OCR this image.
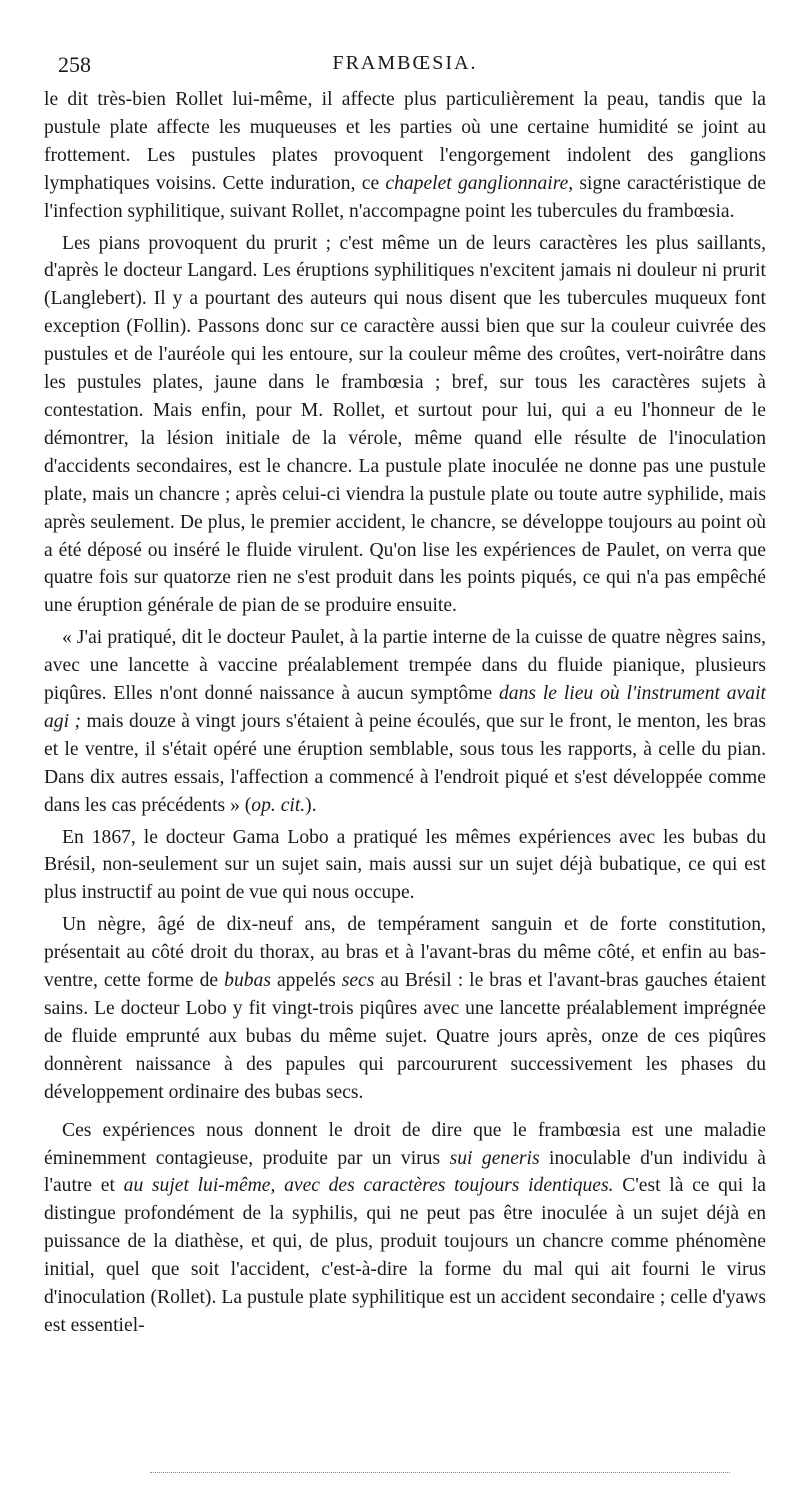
258	FRAMBŒSIA.

le dit très-bien Rollet lui-même, il affecte plus particulièrement la peau, tandis que la pustule plate affecte les muqueuses et les parties où une certaine humidité se joint au frottement. Les pustules plates provoquent l'engorgement indolent des ganglions lymphatiques voisins. Cette induration, ce chapelet ganglionnaire, signe caractéristique de l'infection syphilitique, suivant Rollet, n'accompagne point les tubercules du frambœsia.

Les pians provoquent du prurit ; c'est même un de leurs caractères les plus saillants, d'après le docteur Langard. Les éruptions syphilitiques n'excitent jamais ni douleur ni prurit (Langlebert). Il y a pourtant des auteurs qui nous disent que les tubercules muqueux font exception (Follin). Passons donc sur ce caractère aussi bien que sur la couleur cuivrée des pustules et de l'auréole qui les entoure, sur la couleur même des croûtes, vert-noirâtre dans les pustules plates, jaune dans le frambœsia ; bref, sur tous les caractères sujets à contestation. Mais enfin, pour M. Rollet, et surtout pour lui, qui a eu l'honneur de le démontrer, la lésion initiale de la vérole, même quand elle résulte de l'inoculation d'accidents secondaires, est le chancre. La pustule plate inoculée ne donne pas une pustule plate, mais un chancre ; après celui-ci viendra la pustule plate ou toute autre syphilide, mais après seulement. De plus, le premier accident, le chancre, se développe toujours au point où a été déposé ou inséré le fluide virulent. Qu'on lise les expériences de Paulet, on verra que quatre fois sur quatorze rien ne s'est produit dans les points piqués, ce qui n'a pas empêché une éruption générale de pian de se produire ensuite.

« J'ai pratiqué, dit le docteur Paulet, à la partie interne de la cuisse de quatre nègres sains, avec une lancette à vaccine préalablement trempée dans du fluide pianique, plusieurs piqûres. Elles n'ont donné naissance à aucun symptôme dans le lieu où l'instrument avait agi ; mais douze à vingt jours s'étaient à peine écoulés, que sur le front, le menton, les bras et le ventre, il s'était opéré une éruption semblable, sous tous les rapports, à celle du pian. Dans dix autres essais, l'affection a commencé à l'endroit piqué et s'est développée comme dans les cas précédents » (op. cit.).

En 1867, le docteur Gama Lobo a pratiqué les mêmes expériences avec les bubas du Brésil, non-seulement sur un sujet sain, mais aussi sur un sujet déjà bubatique, ce qui est plus instructif au point de vue qui nous occupe.

Un nègre, âgé de dix-neuf ans, de tempérament sanguin et de forte constitution, présentait au côté droit du thorax, au bras et à l'avant-bras du même côté, et enfin au bas-ventre, cette forme de bubas appelés secs au Brésil : le bras et l'avant-bras gauches étaient sains. Le docteur Lobo y fit vingt-trois piqûres avec une lancette préalablement imprégnée de fluide emprunté aux bubas du même sujet. Quatre jours après, onze de ces piqûres donnèrent naissance à des papules qui parcoururent successivement les phases du développement ordinaire des bubas secs.

Ces expériences nous donnent le droit de dire que le frambœsia est une maladie éminemment contagieuse, produite par un virus sui generis inoculable d'un individu à l'autre et au sujet lui-même, avec des caractères toujours identiques. C'est là ce qui la distingue profondément de la syphilis, qui ne peut pas être inoculée à un sujet déjà en puissance de la diathèse, et qui, de plus, produit toujours un chancre comme phénomène initial, quel que soit l'accident, c'est-à-dire la forme du mal qui ait fourni le virus d'inoculation (Rollet). La pustule plate syphilitique est un accident secondaire ; celle d'yaws est essentiel-
